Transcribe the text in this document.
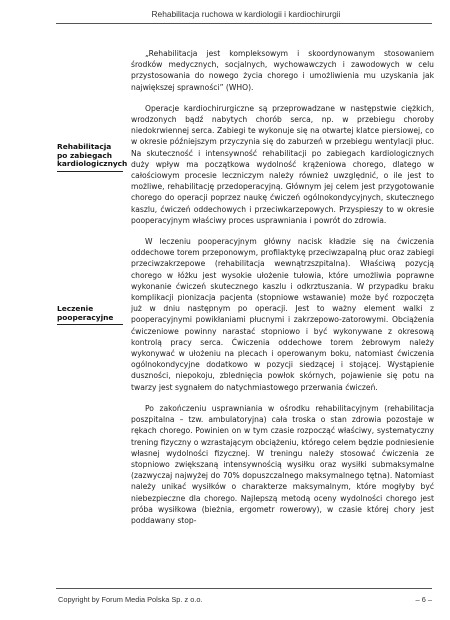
Rehabilitacja ruchowa w kardiologii i kardiochirurgii
Rehabilitacja po zabiegach kardiologicznych
Leczenie pooperacyjne

„Rehabilitacja jest kompleksowym i skoordynowanym stosowaniem środków medycznych, socjalnych, wychowawczych i zawodowych w celu przystosowania do nowego życia chorego i umożliwienia mu uzyskania jak największej sprawności” (WHO).

Operacje kardiochirurgiczne są przeprowadzane w następstwie ciężkich, wrodzonych bądź nabytych chorób serca, np. w przebiegu choroby niedokrwiennej serca. Zabiegi te wykonuje się na otwartej klatce piersiowej, co w okresie późniejszym przyczynia się do zaburzeń w przebiegu wentylacji płuc. Na skuteczność i intensywność rehabilitacji po zabiegach kardiologicznych duży wpływ ma początkowa wydolność krążeniowa chorego, dlatego w całościowym procesie leczniczym należy również uwzględnić, o ile jest to możliwe, rehabilitację przedoperacyjną. Głównym jej celem jest przygotowanie chorego do operacji poprzez naukę ćwiczeń ogólnokondycyjnych, skutecznego kaszlu, ćwiczeń oddechowych i przeciwkarzepowych. Przyspieszy to w okresie pooperacyjnym właściwy proces usprawniania i powrót do zdrowia.

W leczeniu pooperacyjnym główny nacisk kładzie się na ćwiczenia oddechowe torem przeponowym, profilaktykę przeciwzapalną płuc oraz zabiegi przeciwzakrzepowe (rehabilitacja wewnątrzszpitalna). Właściwą pozycją chorego w łóżku jest wysokie ułożenie tułowia, które umożliwia poprawne wykonanie ćwiczeń skutecznego kaszlu i odkrztuszania. W przypadku braku komplikacji pionizacja pacjenta (stopniowe wstawanie) może być rozpoczęta już w dniu następnym po operacji. Jest to ważny element walki z pooperacyjnymi powikłaniami płucnymi i zakrzepowo-zatorowymi. Obciążenia ćwiczeniowe powinny narastać stopniowo i być wykonywane z okresową kontrolą pracy serca. Ćwiczenia oddechowe torem żebrowym należy wykonywać w ułożeniu na plecach i operowanym boku, natomiast ćwiczenia ogólnokondycyjne dodatkowo w pozycji siedzącej i stojącej. Wystąpienie duszności, niepokoju, zblednięcia powłok skórnych, pojawienie się potu na twarzy jest sygnałem do natychmiastowego przerwania ćwiczeń.

Po zakończeniu usprawniania w ośrodku rehabilitacyjnym (rehabilitacja poszpitalna – tzw. ambulatoryjna) cała troska o stan zdrowia pozostaje w rękach chorego. Powinien on w tym czasie rozpocząć właściwy, systematyczny trening fizyczny o wzrastającym obciążeniu, którego celem będzie podniesienie własnej wydolności fizycznej. W treningu należy stosować ćwiczenia ze stopniowo zwiększaną intensywnością wysiłku oraz wysiłki submaksymalne (zazwyczaj najwyżej do 70% dopuszczalnego maksymalnego tętna). Natomiast należy unikać wysiłków o charakterze maksymalnym, które mogłyby być niebezpieczne dla chorego. Najlepszą metodą oceny wydolności chorego jest próba wysiłkowa (bieżnia, ergometr rowerowy), w czasie której chory jest poddawany stop-

Copyright by Forum Media Polska Sp. z o.o.	– 6 –
